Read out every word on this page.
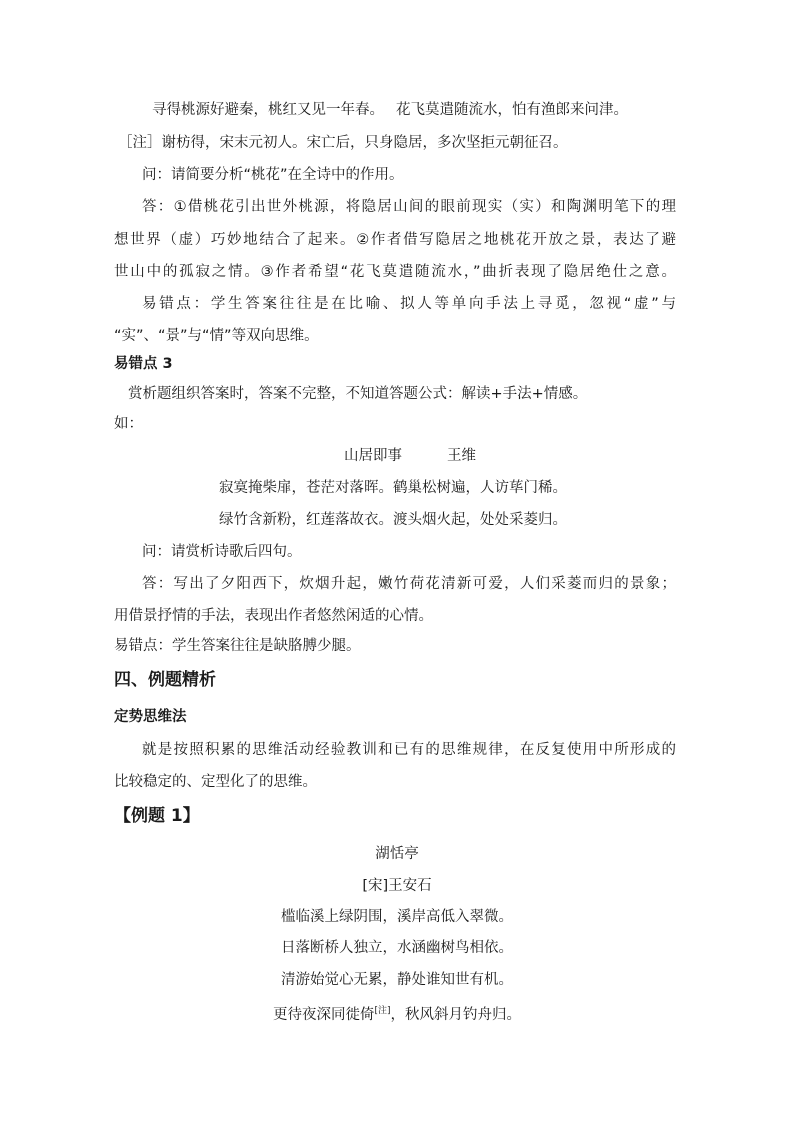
寻得桃源好避秦，桃红又见一年春。 花飞莫遣随流水，怕有渔郎来问津。
［注］谢枋得，宋末元初人。宋亡后，只身隐居，多次坚拒元朝征召。
问：请简要分析“桃花”在全诗中的作用。
答：①借桃花引出世外桃源，将隐居山间的眼前现实（实）和陶渊明笔下的理
想世界（虚）巧妙地结合了起来。②作者借写隐居之地桃花开放之景，表达了避
世山中的孤寂之情。③作者希望“花飞莫遣随流水，”曲折表现了隐居绝仕之意。
易错点：学生答案往往是在比喻、拟人等单向手法上寻觅，忽视“虚”与
“实”、“景”与“情”等双向思维。
易错点 3
赏析题组织答案时，答案不完整，不知道答题公式：解读+手法+情感。
如：
山居即事	王维
寂寞掩柴扉，苍茫对落晖。鹤巢松树遍，人访荜门稀。
绿竹含新粉，红莲落故衣。渡头烟火起，处处采菱归。
问：请赏析诗歌后四句。
答：写出了夕阳西下，炊烟升起，嫩竹荷花清新可爱，人们采菱而归的景象；
用借景抒情的手法，表现出作者悠然闲适的心情。
易错点：学生答案往往是缺胳膊少腿。
四、例题精析
定势思维法
就是按照积累的思维活动经验教训和已有的思维规律，在反复使用中所形成的
比较稳定的、定型化了的思维。
【例题 1】
湖恬亭
[宋]王安石
槛临溪上绿阴围，溪岸高低入翠微。
日落断桥人独立，水涵幽树鸟相依。
清游始觉心无累，静处谁知世有机。
更待夜深同徙倚[注]，秋风斜月钓舟归。
